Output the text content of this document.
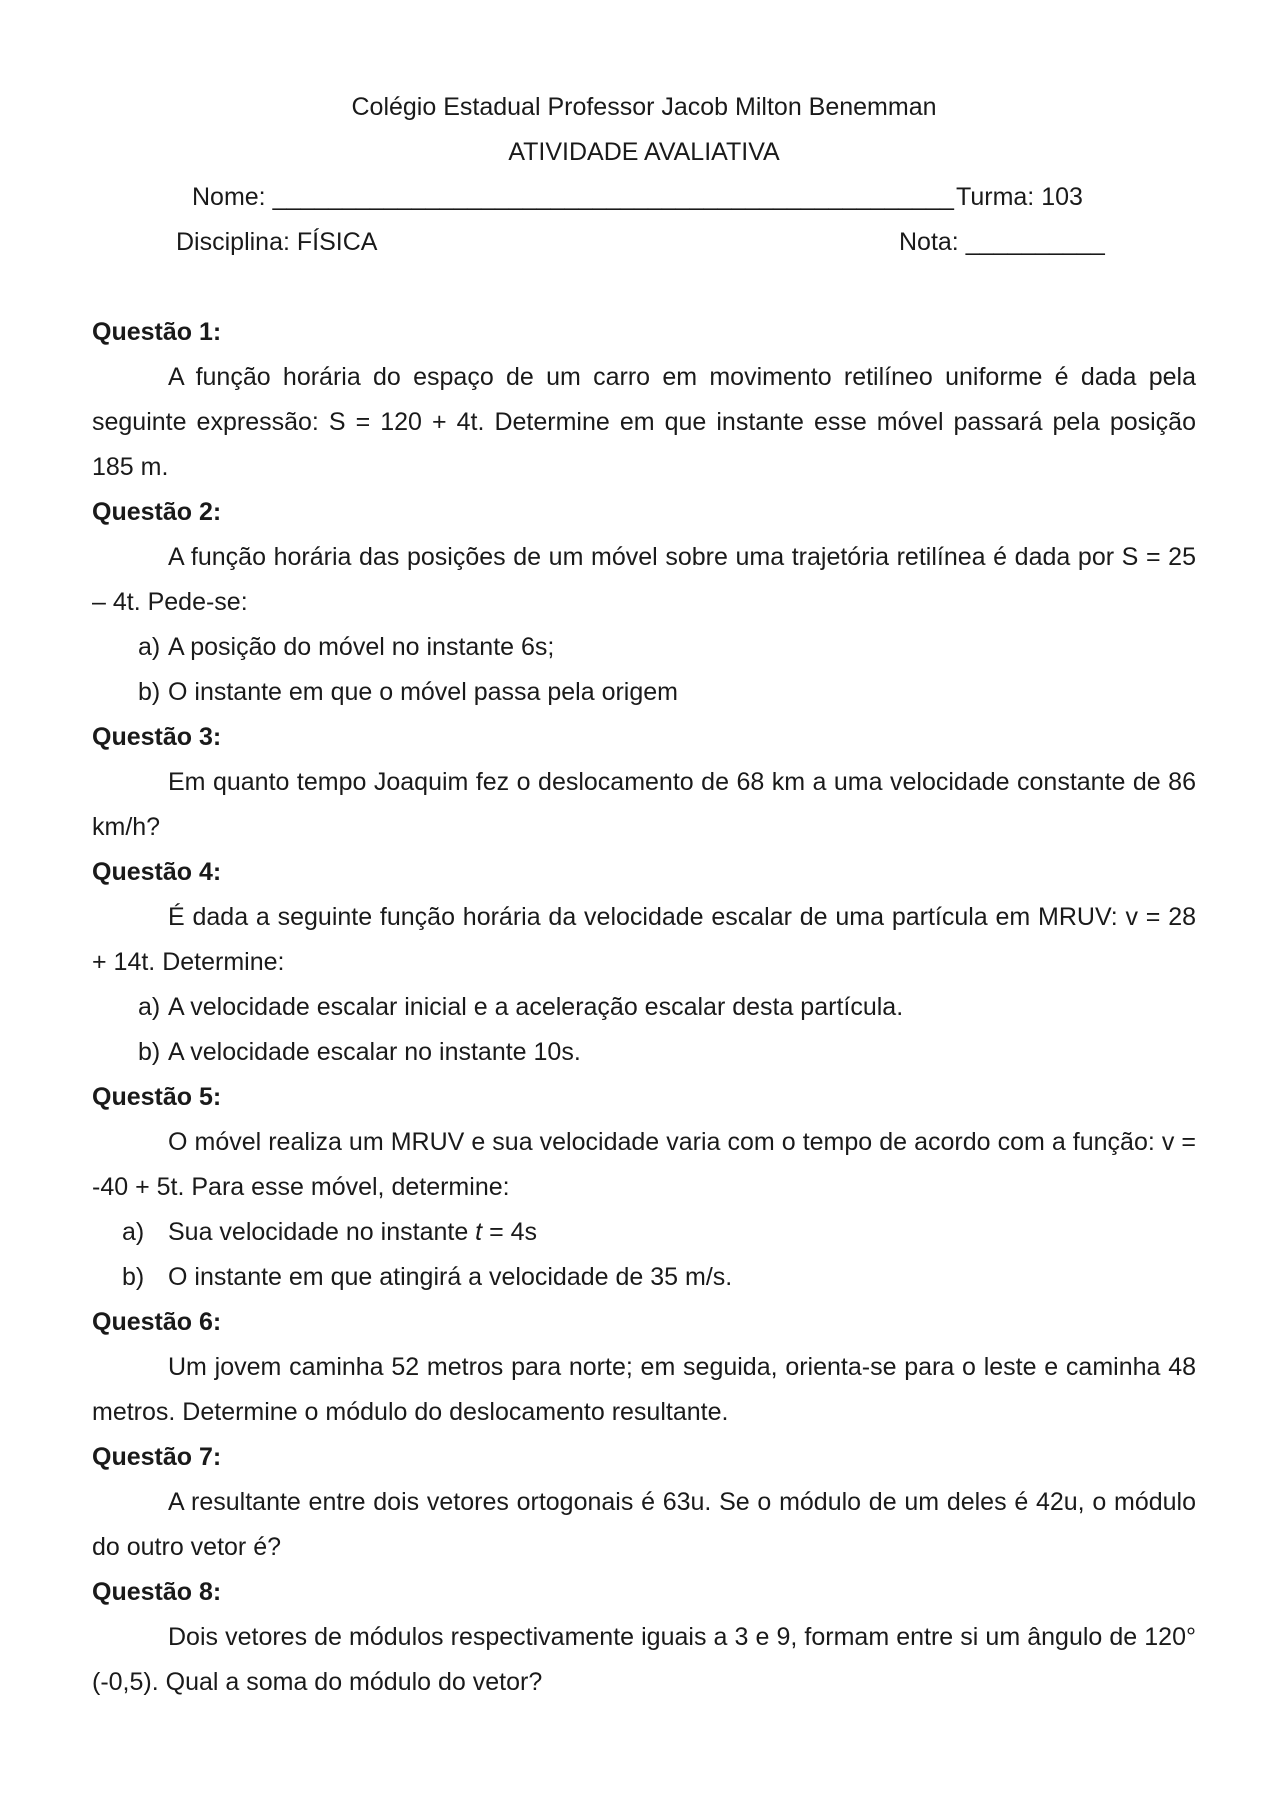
Colégio Estadual Professor Jacob Milton Benemman
ATIVIDADE AVALIATIVA
Nome: _________________________________________________ Turma: 103
Disciplina: FÍSICA	Nota: __________
Questão 1:

A função horária do espaço de um carro em movimento retilíneo uniforme é dada pela seguinte expressão: S = 120 + 4t. Determine em que instante esse móvel passará pela posição 185 m.

Questão 2:

A função horária das posições de um móvel sobre uma trajetória retilínea é dada por S = 25 – 4t. Pede-se:

a) A posição do móvel no instante 6s;
b) O instante em que o móvel passa pela origem
Questão 3:

Em quanto tempo Joaquim fez o deslocamento de 68 km a uma velocidade constante de 86 km/h?

Questão 4:

É dada a seguinte função horária da velocidade escalar de uma partícula em MRUV: v = 28 + 14t. Determine:

a) A velocidade escalar inicial e a aceleração escalar desta partícula.
b) A velocidade escalar no instante 10s.
Questão 5:

O móvel realiza um MRUV e sua velocidade varia com o tempo de acordo com a função: v = -40 + 5t. Para esse móvel, determine:

a) Sua velocidade no instante t = 4s
b) O instante em que atingirá a velocidade de 35 m/s.
Questão 6:

Um jovem caminha 52 metros para norte; em seguida, orienta-se para o leste e caminha 48 metros. Determine o módulo do deslocamento resultante.

Questão 7:

A resultante entre dois vetores ortogonais é 63u. Se o módulo de um deles é 42u, o módulo do outro vetor é?

Questão 8:

Dois vetores de módulos respectivamente iguais a 3 e 9, formam entre si um ângulo de 120° (-0,5). Qual a soma do módulo do vetor?
